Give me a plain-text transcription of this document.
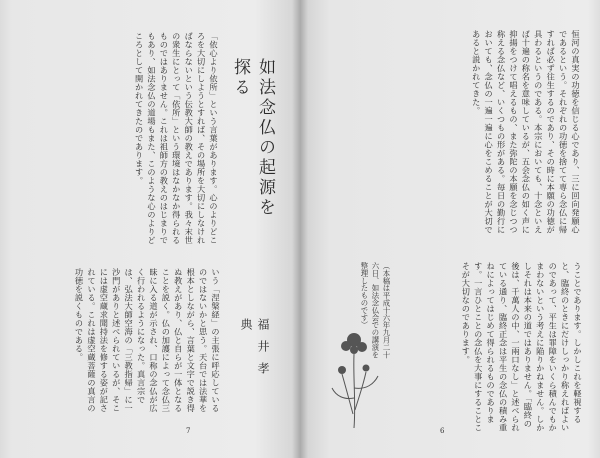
「依心より依所」という言葉があります。心のよりどころを大切にしようとすれば、その場所を大切にしなければならないという伝教大師の教えであります。我々末世の衆生にとって「依所」という環境はなかなか得られるものではありません。これは祖師方の教えのはじまりでもあり、如法念仏の道場もまた、このような心のよりどころとして開かれてきたのであります。	如法念仏の起源を探る
いう「涅槃経」の主張に呼応しているのではないかと思う。天台では法華を根本としながら、言葉と文字で説き得ぬ教えがあり、仏と自らが一体となることを説く。仏の加護によって念仏三昧に入る道が示され、口称の念仏が広く行われるようになった。真言宗では、弘法大師空海の「三教指帰」に一沙門がありと述べられているが、そこには虚空蔵求聞持法を修する姿が記されている。これは虚空蔵菩薩の真言の功徳を説くものである。	福井孝典
7
恒河の真実の功徳を信じる心であり、三に回向発願心であるという。それぞれの功徳を捨てて専ら念仏に帰すれば必ず往生するのであり、その時に本願の功徳が具わるというのである。本宗においても、十念といえば十遍の称名を意味しているが、五会念仏の如く声に抑揚をつけて唱えるもの、また弥陀の本願を念じつつ称える念仏など、いくつもの形がある。毎日の勤行においても、念仏の一遍一遍に心をこめることが大切であると説かれてきた。
うことであります。しかしこれを軽視すると、臨終のときにだけしっかり称えればよいのであって、平生は罪障をいくら積んでもかまわないという考えに陥りかねません。しかしそれは本来の道ではありません。「臨終の後は、千萬人の中、一兩口なし」と述べられている通り、臨終正念は平生の念仏の積み重ねによってはじめて得られるものであります。一言ひとことの念仏を大事にすることこそが大切なのであります。
（本稿は平成十六年九月二十六日、如法念仏会での講演を整理したものです）
6
